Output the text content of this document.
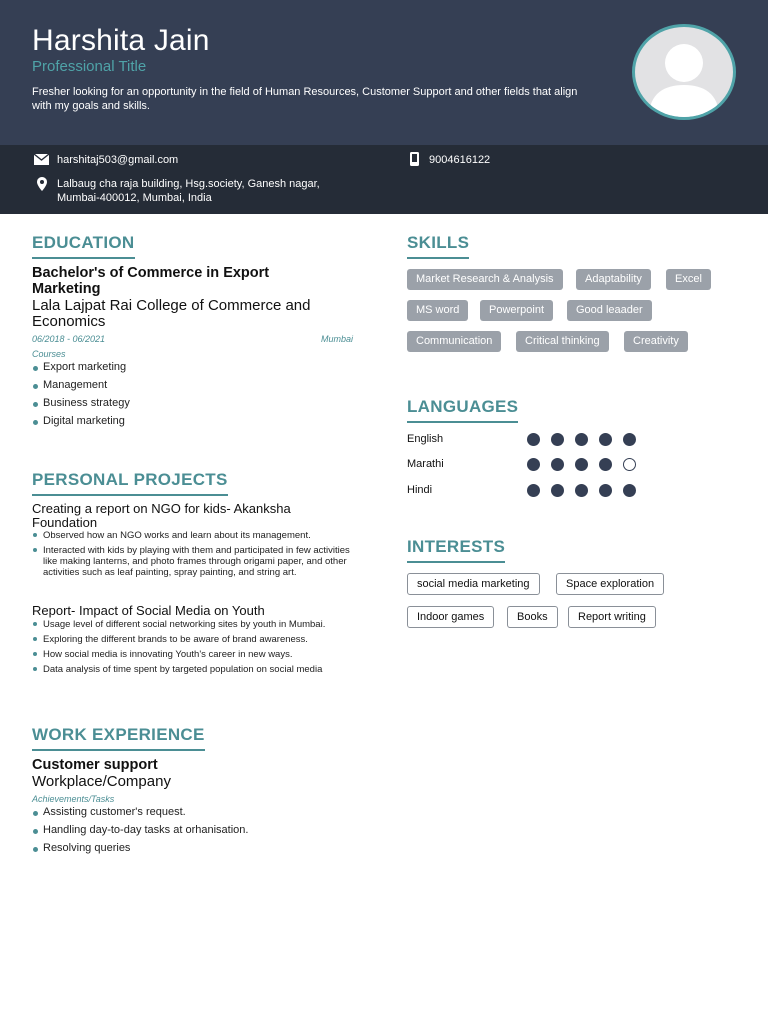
Harshita Jain
Professional Title
Fresher looking for an opportunity in the field of Human Resources, Customer Support and other fields that align with my goals and skills.
harshitaj503@gmail.com	9004616122
Lalbaug cha raja building, Hsg.society, Ganesh nagar,
Mumbai-400012, Mumbai, India
EDUCATION
Bachelor's of Commerce in Export Marketing
Lala Lajpat Rai College of Commerce and Economics
06/2018 - 06/2021	Mumbai
Courses
Export marketing
Management
Business strategy
Digital marketing
PERSONAL PROJECTS
Creating a report on NGO for kids- Akanksha Foundation
Observed how an NGO works and learn about its management.
Interacted with kids by playing with them and participated in few activities like making lanterns, and photo frames through origami paper, and other activities such as leaf painting, spray painting, and string art.
Report- Impact of Social Media on Youth
Usage level of different social networking sites by youth in Mumbai.
Exploring the different brands to be aware of brand awareness.
How social media is innovating Youth's career in new ways.
Data analysis of time spent by targeted population on social media
WORK EXPERIENCE
Customer support
Workplace/Company
Achievements/Tasks
Assisting customer's request.
Handling day-to-day tasks at orhanisation.
Resolving queries
SKILLS
Market Research & Analysis	Adaptability	Excel
MS word	Powerpoint	Good leaader
Communication	Critical thinking	Creativity
LANGUAGES
English
Marathi
Hindi
INTERESTS
social media marketing	Space exploration
Indoor games	Books	Report writing
